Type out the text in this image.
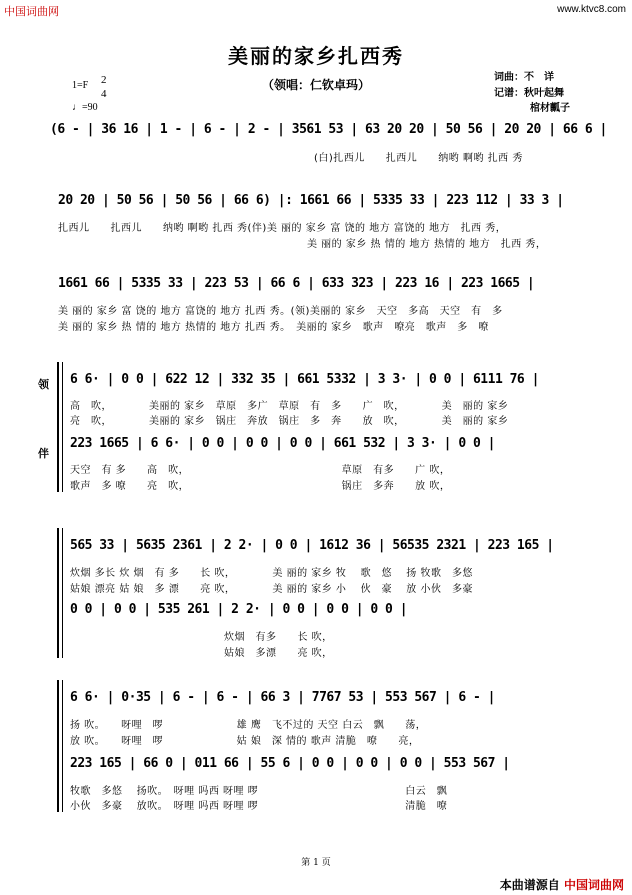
中国词曲网	www.ktvc8.com
美丽的家乡扎西秀
（领唱：仁钦卓玛）
词曲：不　详
记谱：秋叶起舞
棺材瓤子
1=F 2
4
♩=90
(6 - | 36 16 | 1 - | 6 - | 2 - | 3561 53 | 63 20 20 | 50 56 | 20 20 | 66 6 |
(白)扎西儿　　扎西儿　　纳哟 啊哟 扎西 秀
20 20 | 50 56 | 50 56 | 66 6) |: 1661 66 | 5335 33 | 223 112 | 33 3 |
扎西儿　　扎西儿　　纳哟 啊哟 扎西 秀(伴)美 丽的 家乡 富 饶的 地方 富饶的 地方　扎西 秀，
美 丽的 家乡 热 情的 地方 热情的 地方　扎西 秀，
1661 66 | 5335 33 | 223 53 | 66 6 | 633 323 | 223 16 | 223 1665 |
美 丽的 家乡 富 饶的 地方 富饶的 地方 扎西 秀。(领)美丽的 家乡　天空　多高　天空　有　多
美 丽的 家乡 热 情的 地方 热情的 地方 扎西 秀。　美丽的 家乡　歌声　嘹亮　歌声　多　嘹
领
伴
6 6· | 0 0 | 622 12 | 332 35 | 661 5332 | 3 3· | 0 0 | 6111 76 |
高　吹，　　　　美丽的 家乡　草原　多广　草原　有　多　　广　吹，　　　　美　丽的 家乡
亮　吹，　　　　美丽的 家乡　锅庄　奔放　锅庄　多　奔　　放　吹，　　　　美　丽的 家乡
223 1665 | 6 6· | 0 0 | 0 0 | 0 0 | 661 532 | 3 3· | 0 0 |
天空　有 多　　高　吹，　　　　　　　　　　　　　　　草原　有多　　广 吹，
歌声　多 嘹　　亮　吹，　　　　　　　　　　　　　　　锅庄　多奔　　放 吹，
565 33 | 5635 2361 | 2 2· | 0 0 | 1612 36 | 56535 2321 | 223 165 |
炊烟 多长 炊 烟　有 多　　长 吹，　　　　美 丽的 家乡 牧　 歌　悠　 扬 牧歌　多悠
姑娘 漂亮 姑 娘　多 漂　　亮 吹，　　　　美 丽的 家乡 小　 伙　豪　 放 小伙　多豪
0 0 | 0 0 | 535 261 | 2 2· | 0 0 | 0 0 | 0 0 |
炊烟　有多　　长 吹，
姑娘　多漂　　亮 吹，
6 6· | 0·35 | 6 - | 6 - | 66 3 | 7767 53 | 553 567 | 6 - |
扬 吹。　　呀哩　啰　　　　　　　雄 鹰　飞不过的 天空 白云　飘　　荡，
放 吹。　　呀哩　啰　　　　　　　姑 娘　深 情的 歌声 清脆　嘹　　亮，
223 165 | 66 0 | 011 66 | 55 6 | 0 0 | 0 0 | 0 0 | 553 567 |
牧歌　多悠　 扬吹。　呀哩 吗西 呀哩 啰　　　　　　　　　　　　　　白云　飘
小伙　多豪　 放吹。　呀哩 吗西 呀哩 啰　　　　　　　　　　　　　　清脆　嘹
第 1 页
本曲谱源自 中国词曲网
